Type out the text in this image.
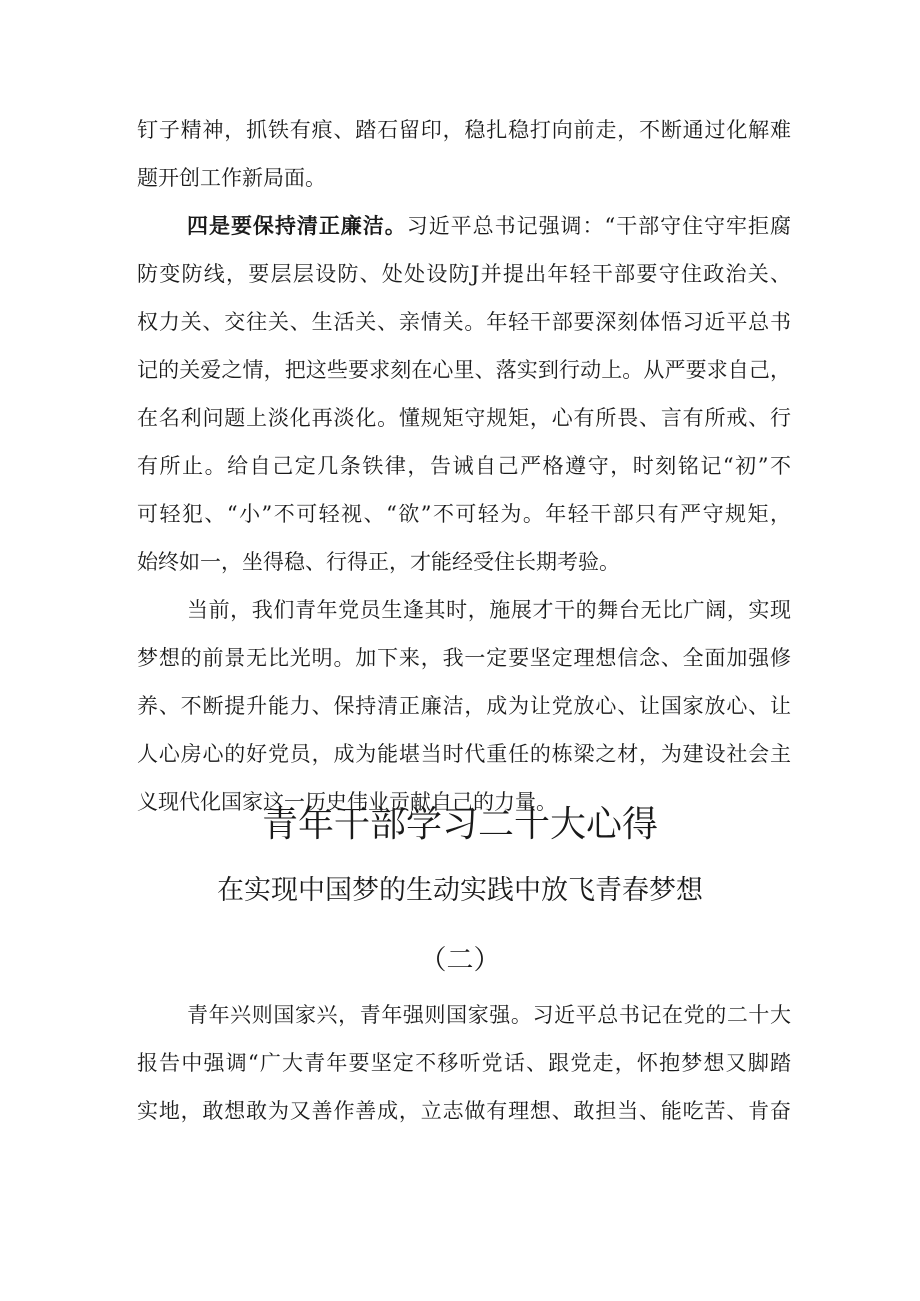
钉子精神，抓铁有痕、踏石留印，稳扎稳打向前走，不断通过化解难
题开创工作新局面。
四是要保持清正廉洁。习近平总书记强调：“干部守住守牢拒腐
防变防线，要层层设防、处处设防J并提出年轻干部要守住政治关、
权力关、交往关、生活关、亲情关。年轻干部要深刻体悟习近平总书
记的关爱之情，把这些要求刻在心里、落实到行动上。从严要求自己，
在名利问题上淡化再淡化。懂规矩守规矩，心有所畏、言有所戒、行
有所止。给自己定几条铁律，告诫自己严格遵守，时刻铭记“初”不
可轻犯、“小”不可轻视、“欲”不可轻为。年轻干部只有严守规矩，
始终如一，坐得稳、行得正，才能经受住长期考验。
当前，我们青年党员生逢其时，施展才干的舞台无比广阔，实现
梦想的前景无比光明。加下来，我一定要坚定理想信念、全面加强修
养、不断提升能力、保持清正廉洁，成为让党放心、让国家放心、让
人心房心的好党员，成为能堪当时代重任的栋梁之材，为建设社会主
义现代化国家这一历史伟业贡献自己的力量。
青年干部学习二十大心得
在实现中国梦的生动实践中放飞青春梦想
（二）
青年兴则国家兴，青年强则国家强。习近平总书记在党的二十大
报告中强调“广大青年要坚定不移听党话、跟党走，怀抱梦想又脚踏
实地，敢想敢为又善作善成，立志做有理想、敢担当、能吃苦、肯奋
